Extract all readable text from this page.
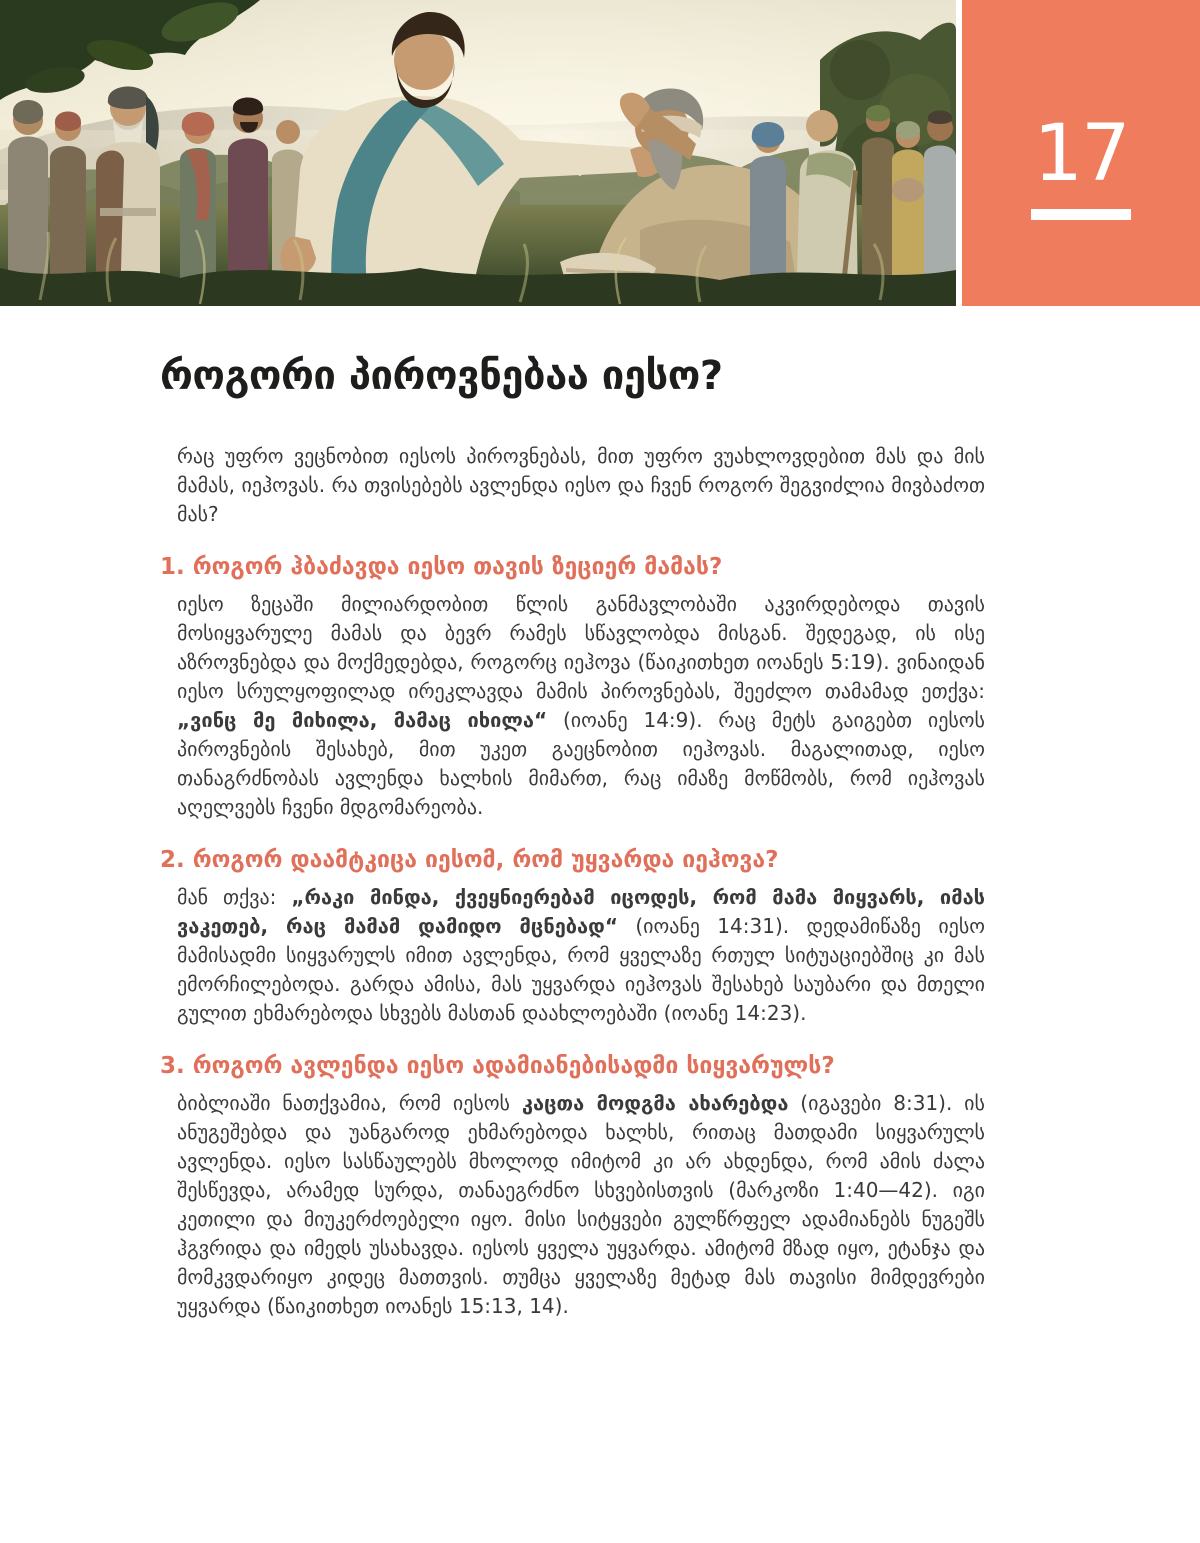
17
როგორი პიროვნებაა იესო?

რაც უფრო ვეცნობით იესოს პიროვნებას, მით უფრო ვუახლოვდებით მას და მის მამას, იეჰოვას. რა თვისებებს ავლენდა იესო და ჩვენ როგორ შეგვიძლია მივბაძოთ მას?

1. როგორ ჰბაძავდა იესო თავის ზეციერ მამას?

იესო ზეცაში მილიარდობით წლის განმავლობაში აკვირდებოდა თავის მოსიყვარულე მამას და ბევრ რამეს სწავლობდა მისგან. შედეგად, ის ისე აზროვნებდა და მოქმედებდა, როგორც იეჰოვა (წაიკითხეთ იოანეს 5:19). ვინაიდან იესო სრულყოფილად ირეკლავდა მამის პიროვნებას, შეეძლო თამამად ეთქვა: „ვინც მე მიხილა, მამაც იხილა“ (იოანე 14:9). რაც მეტს გაიგებთ იესოს პიროვნების შესახებ, მით უკეთ გაეცნობით იეჰოვას. მაგალითად, იესო თანაგრძნობას ავლენდა ხალხის მიმართ, რაც იმაზე მოწმობს, რომ იეჰოვას აღელვებს ჩვენი მდგომარეობა.

2. როგორ დაამტკიცა იესომ, რომ უყვარდა იეჰოვა?

მან თქვა: „რაკი მინდა, ქვეყნიერებამ იცოდეს, რომ მამა მიყვარს, იმას ვაკეთებ, რაც მამამ დამიდო მცნებად“ (იოანე 14:31). დედამიწაზე იესო მამისადმი სიყვარულს იმით ავლენდა, რომ ყველაზე რთულ სიტუაციებშიც კი მას ემორჩილებოდა. გარდა ამისა, მას უყვარდა იეჰოვას შესახებ საუბარი და მთელი გულით ეხმარებოდა სხვებს მასთან დაახლოებაში (იოანე 14:23).

3. როგორ ავლენდა იესო ადამიანებისადმი სიყვარულს?

ბიბლიაში ნათქვამია, რომ იესოს კაცთა მოდგმა ახარებდა (იგავები 8:31). ის ანუგეშებდა და უანგაროდ ეხმარებოდა ხალხს, რითაც მათდამი სიყვარულს ავლენდა. იესო სასწაულებს მხოლოდ იმიტომ კი არ ახდენდა, რომ ამის ძალა შესწევდა, არამედ სურდა, თანაეგრძნო სხვებისთვის (მარკოზი 1:40—42). იგი კეთილი და მიუკერძოებელი იყო. მისი სიტყვები გულწრფელ ადამიანებს ნუგეშს ჰგვრიდა და იმედს უსახავდა. იესოს ყველა უყვარდა. ამიტომ მზად იყო, ეტანჯა და მომკვდარიყო კიდეც მათთვის. თუმცა ყველაზე მეტად მას თავისი მიმდევრები უყვარდა (წაიკითხეთ იოანეს 15:13, 14).
